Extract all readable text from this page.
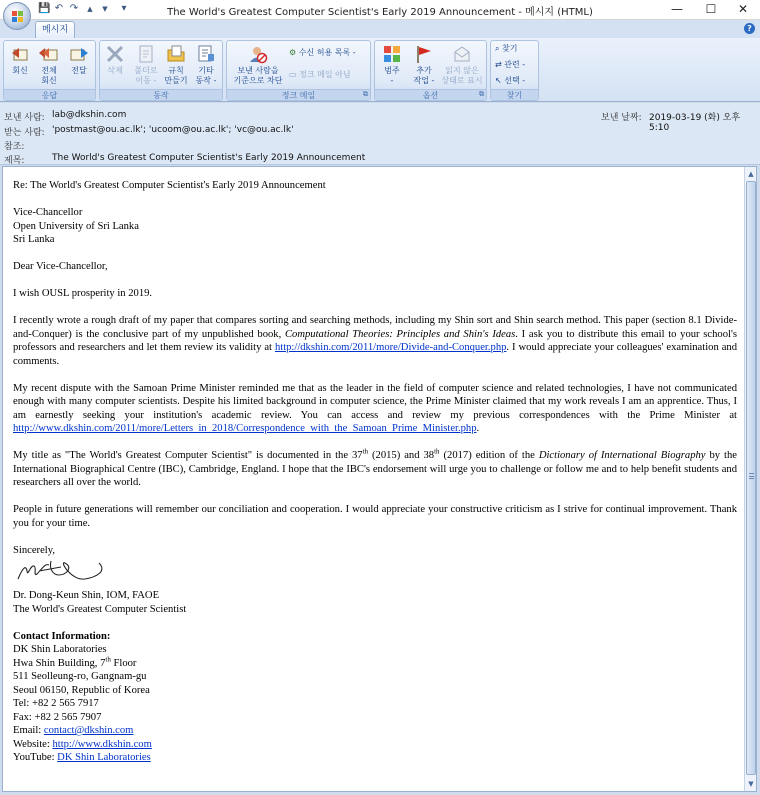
💾 ↶ ↷	▲	▼	▾	The World's Greatest Computer Scientist's Early 2019 Announcement - 메시지 (HTML)	—	☐	✕
메시지	?
회신	전체
회신
전달
응답
삭제	폴더로
이동 -
규칙
만들기
기타
동작 -
동작
보낸 사람을
기준으로 차단
⚙ 수신 허용 목록 -
▭ 정크 메일 아님
정크 메일	⧉
범주
-
추가
작업 -
읽지 않은
상태로 표시
옵션	⧉
⌕ 찾기
⇄ 관련 -
↖ 선택 -
찾기
보낸 사람: lab@dkshin.com
받는 사람: 'postmast@ou.ac.lk'; 'ucoom@ou.ac.lk'; 'vc@ou.ac.lk'
참조:
제목:	The World's Greatest Computer Scientist's Early 2019 Announcement
보낸 날짜: 2019-03-19 (화) 오후 5:10

Re: The World's Greatest Computer Scientist's Early 2019 Announcement

Vice-Chancellor
Open University of Sri Lanka
Sri Lanka

Dear Vice-Chancellor,

I wish OUSL prosperity in 2019.

I recently wrote a rough draft of my paper that compares sorting and searching methods, including my Shin sort and Shin search method. This paper (section 8.1 Divide-and-Conquer) is the conclusive part of my unpublished book, Computational Theories: Principles and Shin's Ideas. I ask you to distribute this email to your school's professors and researchers and let them review its validity at http://dkshin.com/2011/more/Divide-and-Conquer.php. I would appreciate your colleagues' examination and comments.

My recent dispute with the Samoan Prime Minister reminded me that as the leader in the field of computer science and related technologies, I have not communicated enough with many computer scientists. Despite his limited background in computer science, the Prime Minister claimed that my work reveals I am an apprentice. Thus, I am earnestly seeking your institution's academic review. You can access and review my previous correspondences with the Prime Minister at http://www.dkshin.com/2011/more/Letters_in_2018/Correspondence_with_the_Samoan_Prime_Minister.php.

My title as "The World's Greatest Computer Scientist" is documented in the 37th (2015) and 38th (2017) edition of the Dictionary of International Biography by the International Biographical Centre (IBC), Cambridge, England. I hope that the IBC's endorsement will urge you to challenge or follow me and to help benefit students and researchers all over the world.

People in future generations will remember our conciliation and cooperation. I would appreciate your constructive criticism as I strive for continual improvement. Thank you for your time.

Sincerely,
Dr. Dong-Keun Shin, IOM, FAOE

The World's Greatest Computer Scientist

Contact Information:
DK Shin Laboratories
Hwa Shin Building, 7th Floor
511 Seolleung-ro, Gangnam-gu
Seoul 06150, Republic of Korea
Tel: +82 2 565 7917
Fax: +82 2 565 7907
Email: contact@dkshin.com
Website: http://www.dkshin.com
YouTube: DK Shin Laboratories
▲
▼
